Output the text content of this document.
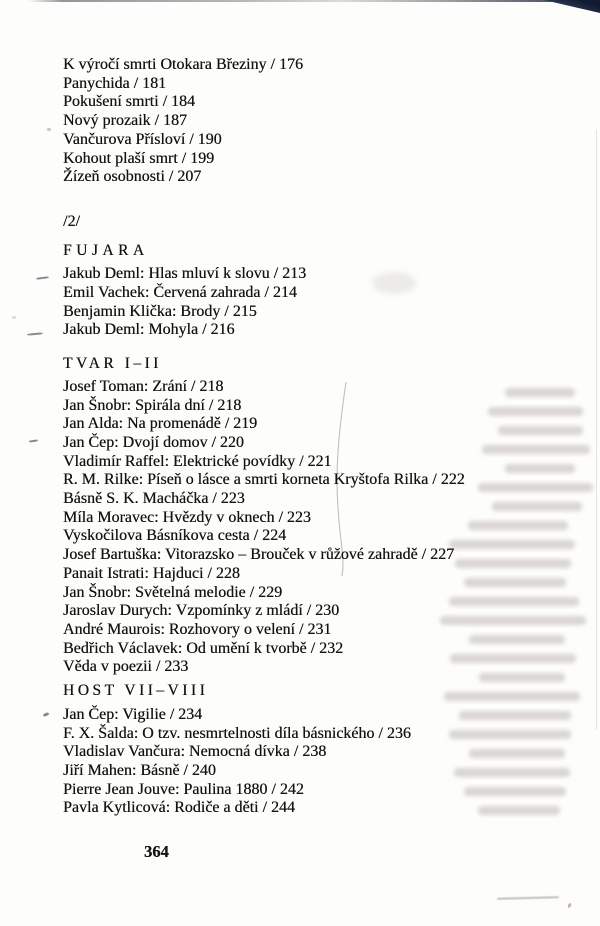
K výročí smrti Otokara Březiny / 176
Panychida / 181
Pokušení smrti / 184
Nový prozaik / 187
Vančurova Přísloví / 190
Kohout plaší smrt / 199
Žízeň osobnosti / 207
/2/
FUJARA
Jakub Deml: Hlas mluví k slovu / 213
Emil Vachek: Červená zahrada / 214
Benjamin Klička: Brody / 215
Jakub Deml: Mohyla / 216
TVAR I–II
Josef Toman: Zrání / 218
Jan Šnobr: Spirála dní / 218
Jan Alda: Na promenádě / 219
Jan Čep: Dvojí domov / 220
Vladimír Raffel: Elektrické povídky / 221
R. M. Rilke: Píseň o lásce a smrti korneta Kryštofa Rilka / 222
Básně S. K. Macháčka / 223
Míla Moravec: Hvězdy v oknech / 223
Vyskočilova Básníkova cesta / 224
Josef Bartuška: Vitorazsko – Brouček v růžové zahradě / 227
Panait Istrati: Hajduci / 228
Jan Šnobr: Světelná melodie / 229
Jaroslav Durych: Vzpomínky z mládí / 230
André Maurois: Rozhovory o velení / 231
Bedřich Václavek: Od umění k tvorbě / 232
Věda v poezii / 233
HOST VII–VIII
Jan Čep: Vigilie / 234
F. X. Šalda: O tzv. nesmrtelnosti díla básnického / 236
Vladislav Vančura: Nemocná dívka / 238
Jiří Mahen: Básně / 240
Pierre Jean Jouve: Paulina 1880 / 242
Pavla Kytlicová: Rodiče a děti / 244
364
